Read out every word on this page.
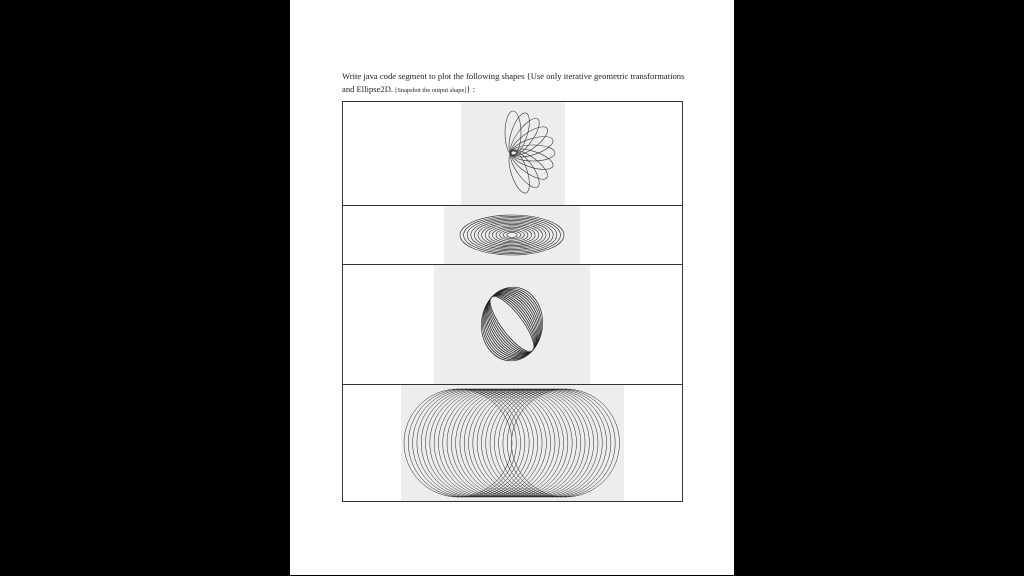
Write java code segment to plot the following shapes {Use only iterative geometric transformations and Ellipse2D. [Snapshot the output shape]} :
